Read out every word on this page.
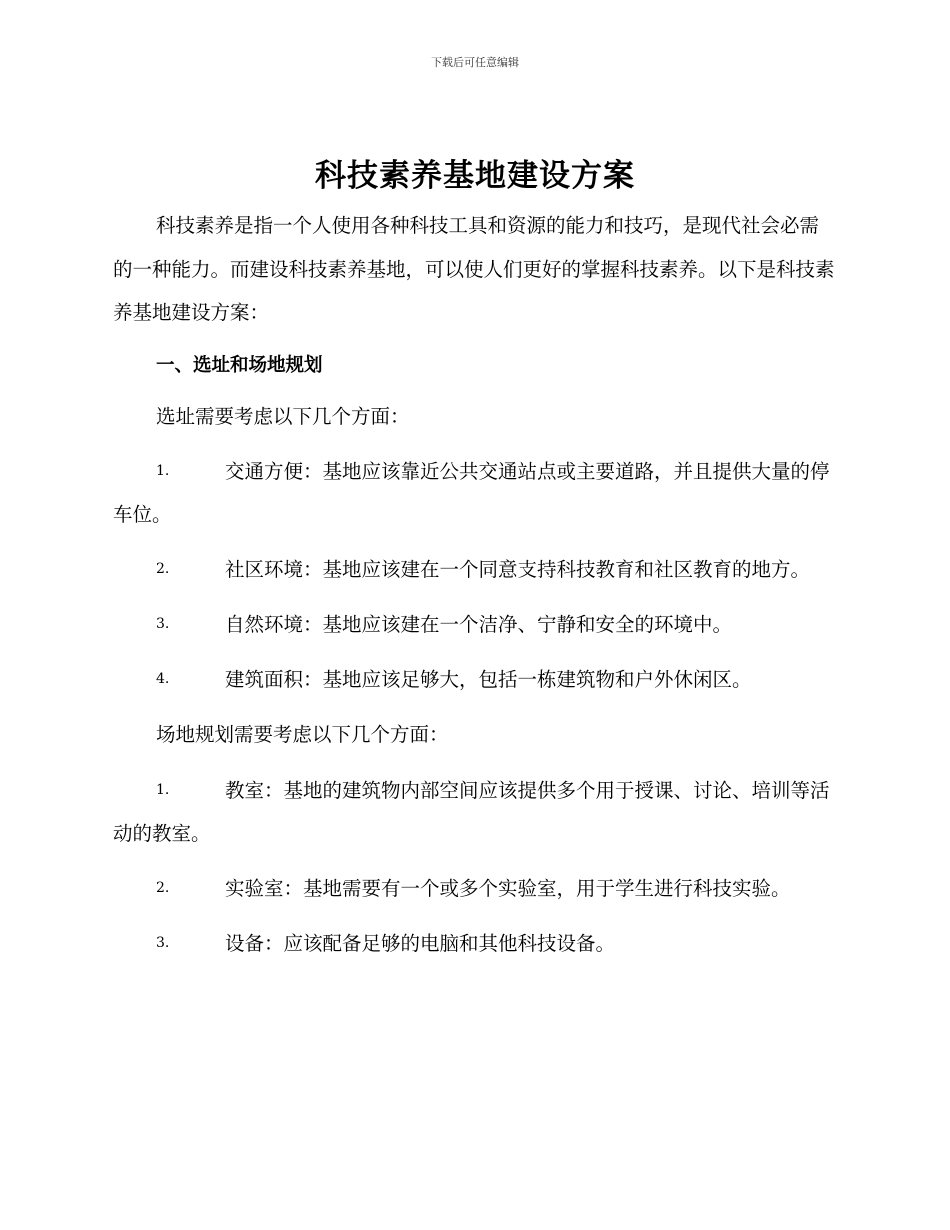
下载后可任意编辑
科技素养基地建设方案

科技素养是指一个人使用各种科技工具和资源的能力和技巧，是现代社会必需的一种能力。而建设科技素养基地，可以使人们更好的掌握科技素养。以下是科技素养基地建设方案：

一、选址和场地规划

选址需要考虑以下几个方面：

1.	交通方便：基地应该靠近公共交通站点或主要道路，并且提供大量的停车位。

2.	社区环境：基地应该建在一个同意支持科技教育和社区教育的地方。

3.	自然环境：基地应该建在一个洁净、宁静和安全的环境中。

4.	建筑面积：基地应该足够大，包括一栋建筑物和户外休闲区。

场地规划需要考虑以下几个方面：

1.	教室：基地的建筑物内部空间应该提供多个用于授课、讨论、培训等活动的教室。

2.	实验室：基地需要有一个或多个实验室，用于学生进行科技实验。

3.	设备：应该配备足够的电脑和其他科技设备。
